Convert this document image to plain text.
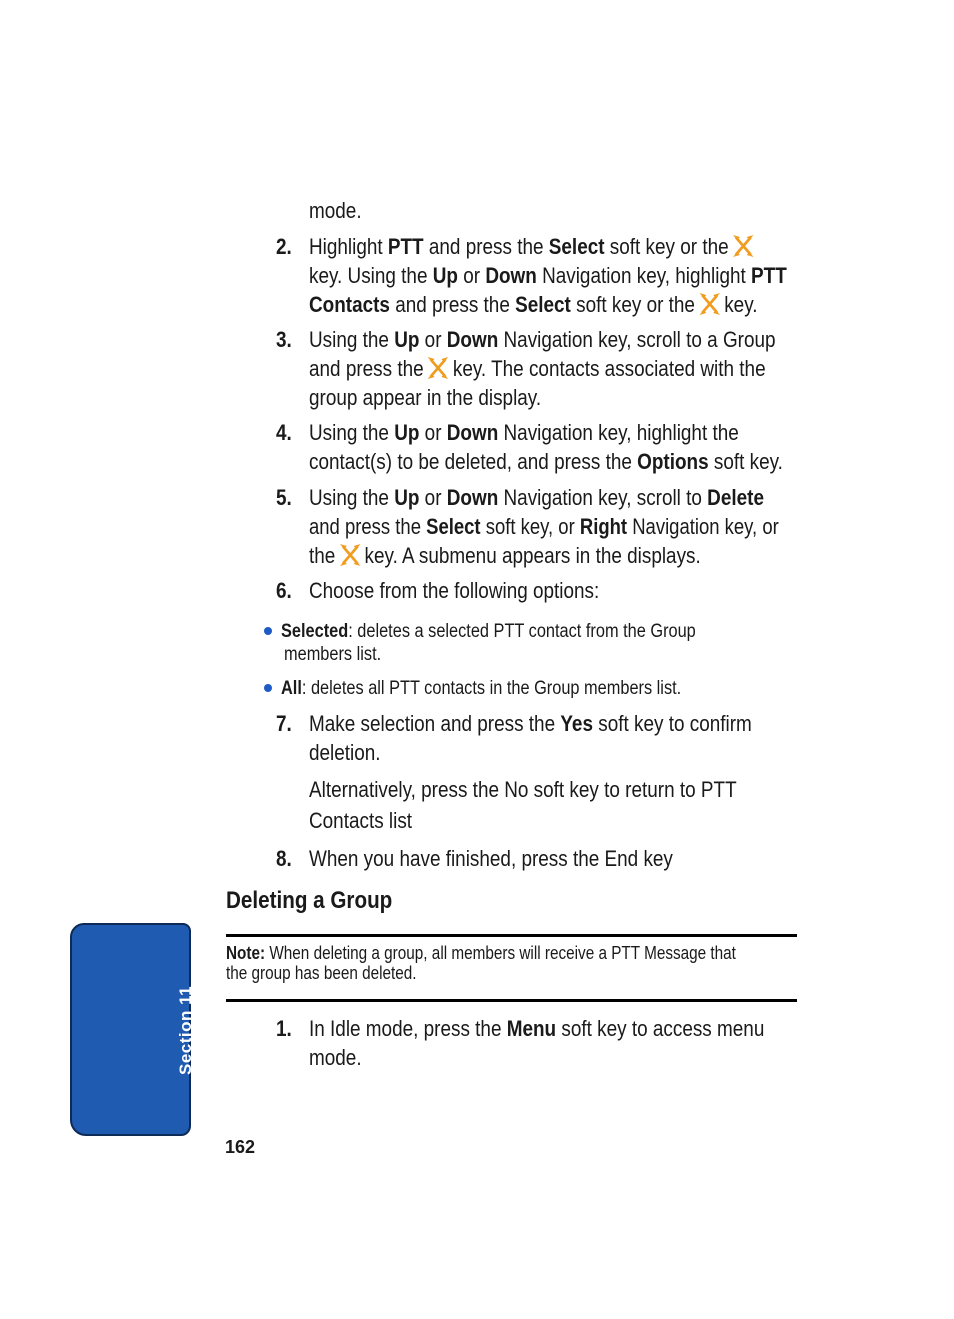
mode.
2. Highlight PTT and press the Select soft key or the
key. Using the Up or Down Navigation key, highlight PTT
Contacts and press the Select soft key or the key.
3. Using the Up or Down Navigation key, scroll to a Group
and press the key. The contacts associated with the
group appear in the display.
4. Using the Up or Down Navigation key, highlight the
contact(s) to be deleted, and press the Options soft key.
5. Using the Up or Down Navigation key, scroll to Delete
and press the Select soft key, or Right Navigation key, or
the key. A submenu appears in the displays.
6. Choose from the following options:
Selected: deletes a selected PTT contact from the Group
members list.
All: deletes all PTT contacts in the Group members list.
7. Make selection and press the Yes soft key to confirm
deletion.
Alternatively, press the No soft key to return to PTT
Contacts list
8. When you have finished, press the End key
Deleting a Group
Note: When deleting a group, all members will receive a PTT Message that
the group has been deleted.
1. In Idle mode, press the Menu soft key to access menu
mode.
Section 11
162
